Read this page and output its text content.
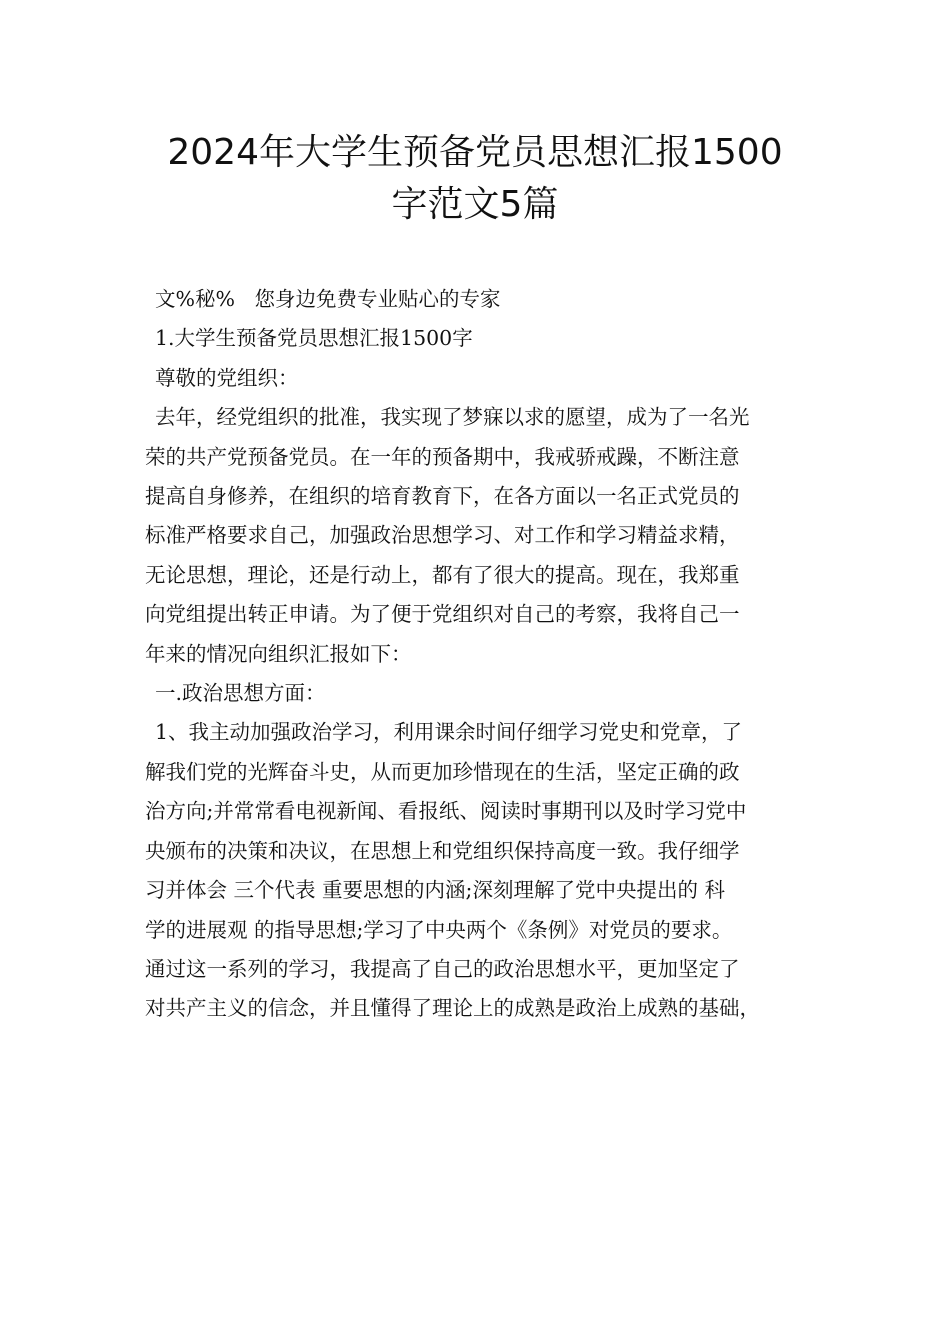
2024年大学生预备党员思想汇报1500
字范文5篇

文%秘%   您身边免费专业贴心的专家

1.大学生预备党员思想汇报1500字

尊敬的党组织：

去年，经党组织的批准，我实现了梦寐以求的愿望，成为了一名光
荣的共产党预备党员。在一年的预备期中，我戒骄戒躁，不断注意
提高自身修养，在组织的培育教育下，在各方面以一名正式党员的
标准严格要求自己，加强政治思想学习、对工作和学习精益求精，
无论思想，理论，还是行动上，都有了很大的提高。现在，我郑重
向党组提出转正申请。为了便于党组织对自己的考察，我将自己一
年来的情况向组织汇报如下：

一.政治思想方面：

1、我主动加强政治学习，利用课余时间仔细学习党史和党章，了
解我们党的光辉奋斗史，从而更加珍惜现在的生活，坚定正确的政
治方向;并常常看电视新闻、看报纸、阅读时事期刊以及时学习党中
央颁布的决策和决议，在思想上和党组织保持高度一致。我仔细学
习并体会 三个代表 重要思想的内涵;深刻理解了党中央提出的 科
学的进展观 的指导思想;学习了中央两个《条例》对党员的要求。
通过这一系列的学习，我提高了自己的政治思想水平，更加坚定了
对共产主义的信念，并且懂得了理论上的成熟是政治上成熟的基础，
